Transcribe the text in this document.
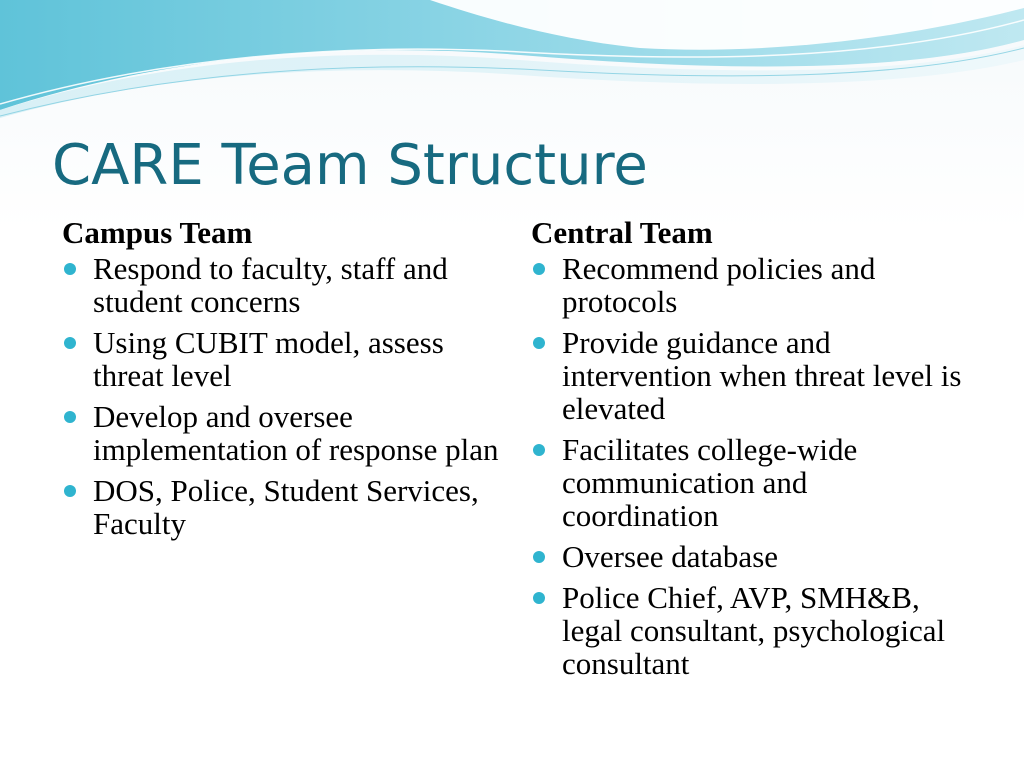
CARE Team Structure
Campus Team
Respond to faculty, staff and student concerns
Using CUBIT model, assess threat level
Develop and oversee implementation of response plan
DOS, Police, Student Services, Faculty
Central Team
Recommend policies and protocols
Provide guidance and intervention when threat level is elevated
Facilitates college-wide communication and coordination
Oversee database
Police Chief, AVP, SMH&B, legal consultant, psychological consultant
